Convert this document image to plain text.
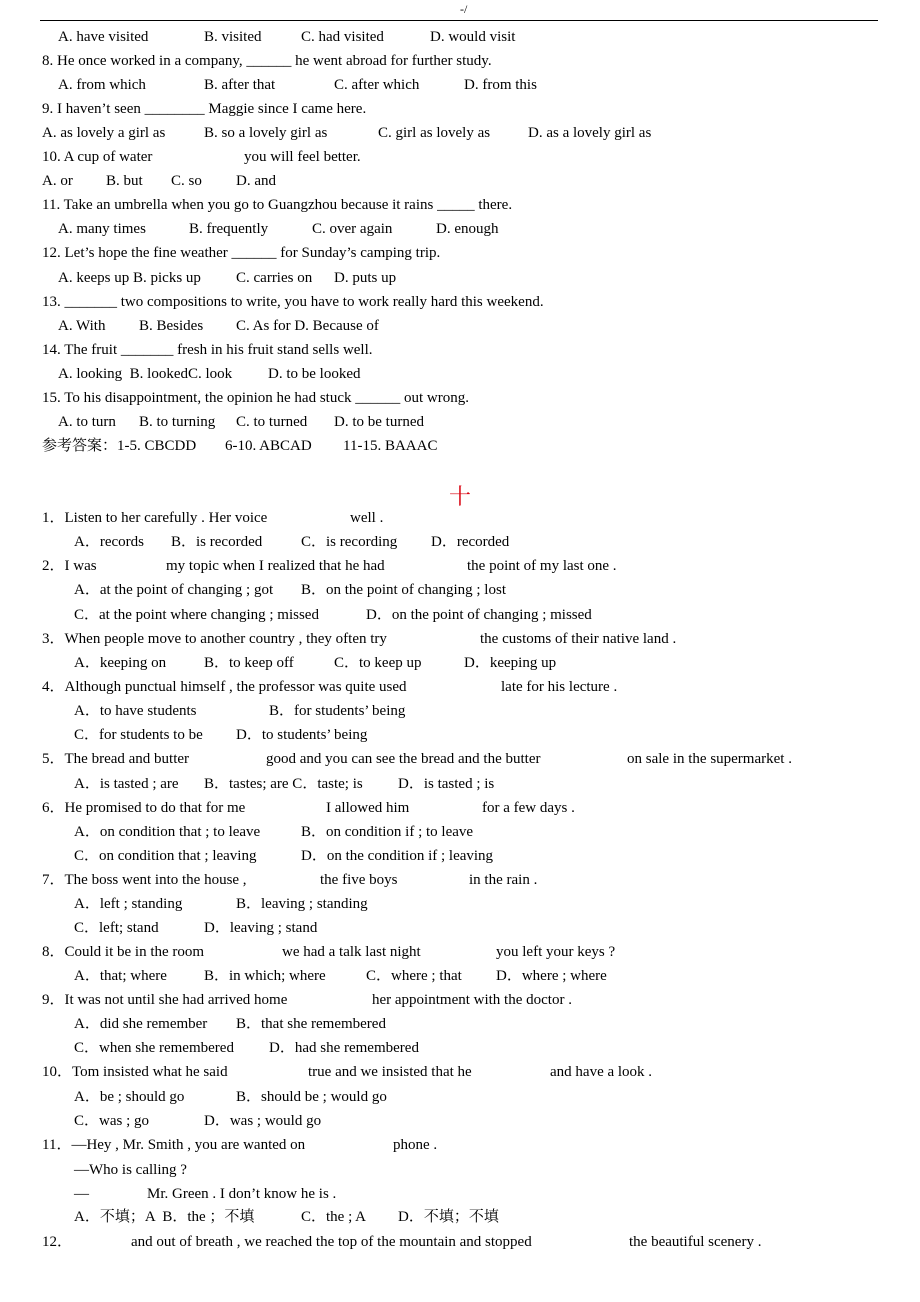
-/
十
A. have visited	B. visited	C. had visited	D. would visit
8. He once worked in a company, ______ he went abroad for further study.
A. from which	B. after that	C. after which	D. from this
9. I haven’t seen ________ Maggie since I came here.
A. as lovely a girl as	B. so a lovely girl as	C. girl as lovely as	D. as a lovely girl as
10. A cup of water	you will feel better.
A. or B. but C. so D. and
11. Take an umbrella when you go to Guangzhou because it rains _____ there.
A. many times	B. frequently	C. over again	D. enough
12. Let’s hope the fine weather ______ for Sunday’s camping trip.
A. keeps up B. picks up C. carries on D. puts up
13. _______ two compositions to write, you have to work really hard this weekend.
A. With B. Besides C. As for D. Because of
14. The fruit _______ fresh in his fruit stand sells well.
A. looking  B. lookedC. look D. to be looked
15. To his disappointment, the opinion he had stuck ______ out wrong.
A. to turn B. to turning C. to turned D. to be turned
参考答案：1-5. CBCDD 6-10. ABCAD 11-15. BAAAC
1．Listen to her carefully . Her voice	well .
A．records B．is recorded	C．is recording D．recorded
2．I was	my topic when I realized that he had	the point of my last one .
A．at the point of changing ; got B．on the point of changing ; lost
C．at the point where changing ; missed	D．on the point of changing ; missed
3．When people move to another country , they often try	the customs of their native land .
A．keeping on	B．to keep off	C．to keep up	D．keeping up
4．Although punctual himself , the professor was quite used	late for his lecture .
A．to have students	B．for students’ being
C．for students to be D．to students’ being
5．The bread and butter	good and you can see the bread and the butter	on sale in the supermarket .
A．is tasted ; are B．tastes; are C．taste; is D．is tasted ; is
6．He promised to do that for me	I allowed him	for a few days .
A．on condition that ; to leave	B．on condition if ; to leave
C．on condition that ; leaving	D．on the condition if ; leaving
7．The boss went into the house ,	the five boys	in the rain .
A．left ; standing	B．leaving ; standing
C．left; stand	D．leaving ; stand
8．Could it be in the room	we had a talk last night	you left your keys ?
A．that; where B．in which; where	C．where ; that D．where ; where
9．It was not until she had arrived home	her appointment with the doctor .
A．did she remember B．that she remembered
C．when she remembered D．had she remembered
10．Tom insisted what he said	true and we insisted that he	and have a look .
A．be ; should go	B．should be ; would go
C．was ; go	D．was ; would go
11．—Hey , Mr. Smith , you are wanted on	phone .
—Who is calling ?
—	Mr. Green . I don’t know he is .
A．不填；A  B．the ；不填	C．the ; A D．不填；不填
12．	and out of breath , we reached the top of the mountain and stopped	the beautiful scenery .
